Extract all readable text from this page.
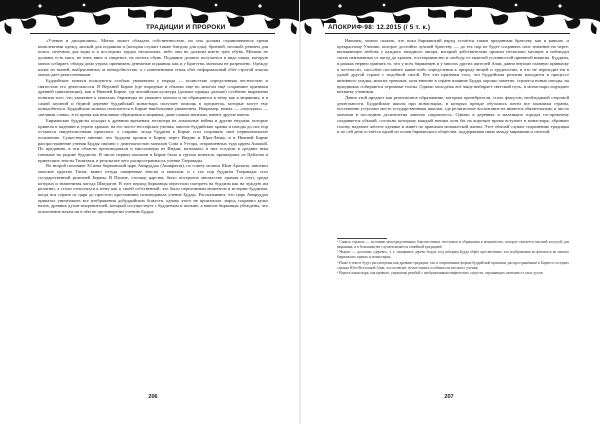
ТРАДИЦИИ И ПРОРОКИ

«Учение и дисциплина». Монах может обладать собственностью, но она должна ограничиваться тремя комплектами одежд, миской для подаяния и (которая служит также блюдом для еды), бритвой, иголкой, ремнем для пояса, ситечком для воды и в последних трудах нескольких, небо они не должны иметь трёх обувь. Монахи не должны есть мясо, не пить вино и спиртное, не носить обувь. Подаяние должно получаться в виде пищи, которую монах собирает, обходя дома утром; принимать денежные подаяния, как и у Братства, монахам не разрешено. Одежду шьют из тканей, выброшенных за ненадобностью, а с изменениями стиля обет неформальный обет строгой аскезы монах дает ремесленникам.

Буддийские монахи пользуются особым уважением у народа — полностью определенная честностью и святостью его деятельности. В Верхней Бирме (где народные и обычаи еще во многом ещё сохраняют признаки древней цивилизации), как в Нижней Бирме, где английская культура (дальше правды дальше) особенно выражены понятия того, что уважение к монахам, бирманцы не уважают монаха и не обращаются к нему как к мирянину, и в самой шумной и бедной деревне буддийский монастырь получает помощь в предметах, которые могут ему понадобиться. Буддийские монахи пользуются в Бирме наибольшим уважением. Например, монах — «пхунджи» — «великая слава», в то время как вежливые обращения к мирянам, даже самым знатным, имеют другие имена.

Бирманские буддисты исходят к древним временам, несмотря на локальные войны и другие неудачи, которые привели к падению и утрате храмов, на его чисто-теософские учения; многие буддийские храмы и пагоды до сих пор остаются свидетельствами прошлого, о старине, когда буддизм в Бирме стал сохранять своё первоначальное положение. Существует мнение, что буддизм проник в Бирму через Индию и Шри-Ланку, и в Нижней Бирме распространение учения Будды связано с деятельностью монахов Сона и Уттара, отправленных туда царем Ашокой. По преданию, в эти области проповедовали и миссионеры из Индии; возможно, в них оседали в средние века гонимые на родине буддисты. В числе первых монахов в Бирме была и группа монахов, пришедших из Цейлона и принесших тексты Типитаки, в результате чего распространилось учение Тхеравады.

Во второй половине XI века бирманский царь Анируддха (Анаврахта), по совету монаха Шин Арахана, завоевал монское царство Татон, вывез оттуда священные тексты и монахов, и с тех пор буддизм Тхеравады стал государственной религией Бирмы. В Пагане, столице царства, было построено множество храмов и ступ, среди которых и знаменитая пагода Шведагон. В этот период бирманцы перестали смотреть на буддизм как на чуждую им религию, а стали относиться к нему как к своей собственной: это было переломным моментом в истории буддизма, когда вся страна от царя до простого крестьянина исповедовала учение Будды. Рассказывают, что царь Анируддха приказал уничтожить все изображения добуддийских божеств, однако этого не произошло: народ сохранил культ натов, древних духов-покровителей, который сосуществует с буддизмом и поныне, а многие бирманцы убеждены, что поклонение натам ни в чём не противоречит учению Будды.

206

АПОКРИФ-98: 12.2015 (/ 5 т. к.)

Наконец, можно сказать, что пока бирманский народ остаётся таким преданным братству, как и раньше, и прекрасному Учению, которое достойно лучшей братству, — до тех пор не будет сохранять свое значение на черте, вызывающее любовь у каждого западного автора, который действительно прожил несколько месяцев и наблюдал своих неизменных от пагод до храмов, гостеприимство и свободу от тяжелой условностей принятой нищеты. Буддизм, в рамках нервно принять то, что у всех бирманцев и у многих других жителей Азии, давно внушил главную привычку к честности, способен поставить какие-либо определения к природе вещей и трудностям, и что не переходит ни в одной другой стране с подобной силой. Все эти признаки того, что буддийская религия находится в процессе активного упадка, многих тревожат, хотя внешне в стране влияние Будды хорошо заметно: строятся новые пагоды, на праздниках собираются огромные толпы. Однако молодёжь всё чаще выбирает светский путь, и монастыри ощущают нехватку учеников.

Давно этой предмет как религиозное образование, которым пренебрегали, стало фокусом, необходимой стороной деятельности. Буддийские школы при монастырях, в которых прежде обучались почти все мальчики страны, постепенно уступают место государственным школам, где религиозное воспитание не является обязательным, и число монахов в последние десятилетия заметно сократилось. Однако в деревнях и маленьких городах по-прежнему сохраняется обычай, согласно которому каждый юноша хотя бы на короткое время вступает в монастырь, обривает голову, надевает жёлтое одеяние и живёт по правилам монашеской жизни. Этот обычай служит сохранению традиции и по сей день остаётся одной из основ бирманского общества, поддерживая связь между мирянами и сангхой.

¹ Санкха страхом — источник непосредственных благочестивых поступков и обращения в монашество, которое считается высшей заслугой для мирянина, и в большинстве случаев является семейной традицией.

² Ньяунг — дословно «дерево», т. е. священное дерево бодхи, под которым Будда обрёл просветление; его изображения встречаются во многих бирманских храмах и монастырях.

³ Ниже в тексте будут рассмотрены как древние традиции, так и современные формы буддийской практики, распространённые в Бирме и соседних странах Юго-Восточной Азии, что позволит лучше понять особенности местного учения.

⁴ Ворота монастыря, как правило, украшены резьбой с изображениями мифических существ, охраняющих святыню от злых духов.

207
